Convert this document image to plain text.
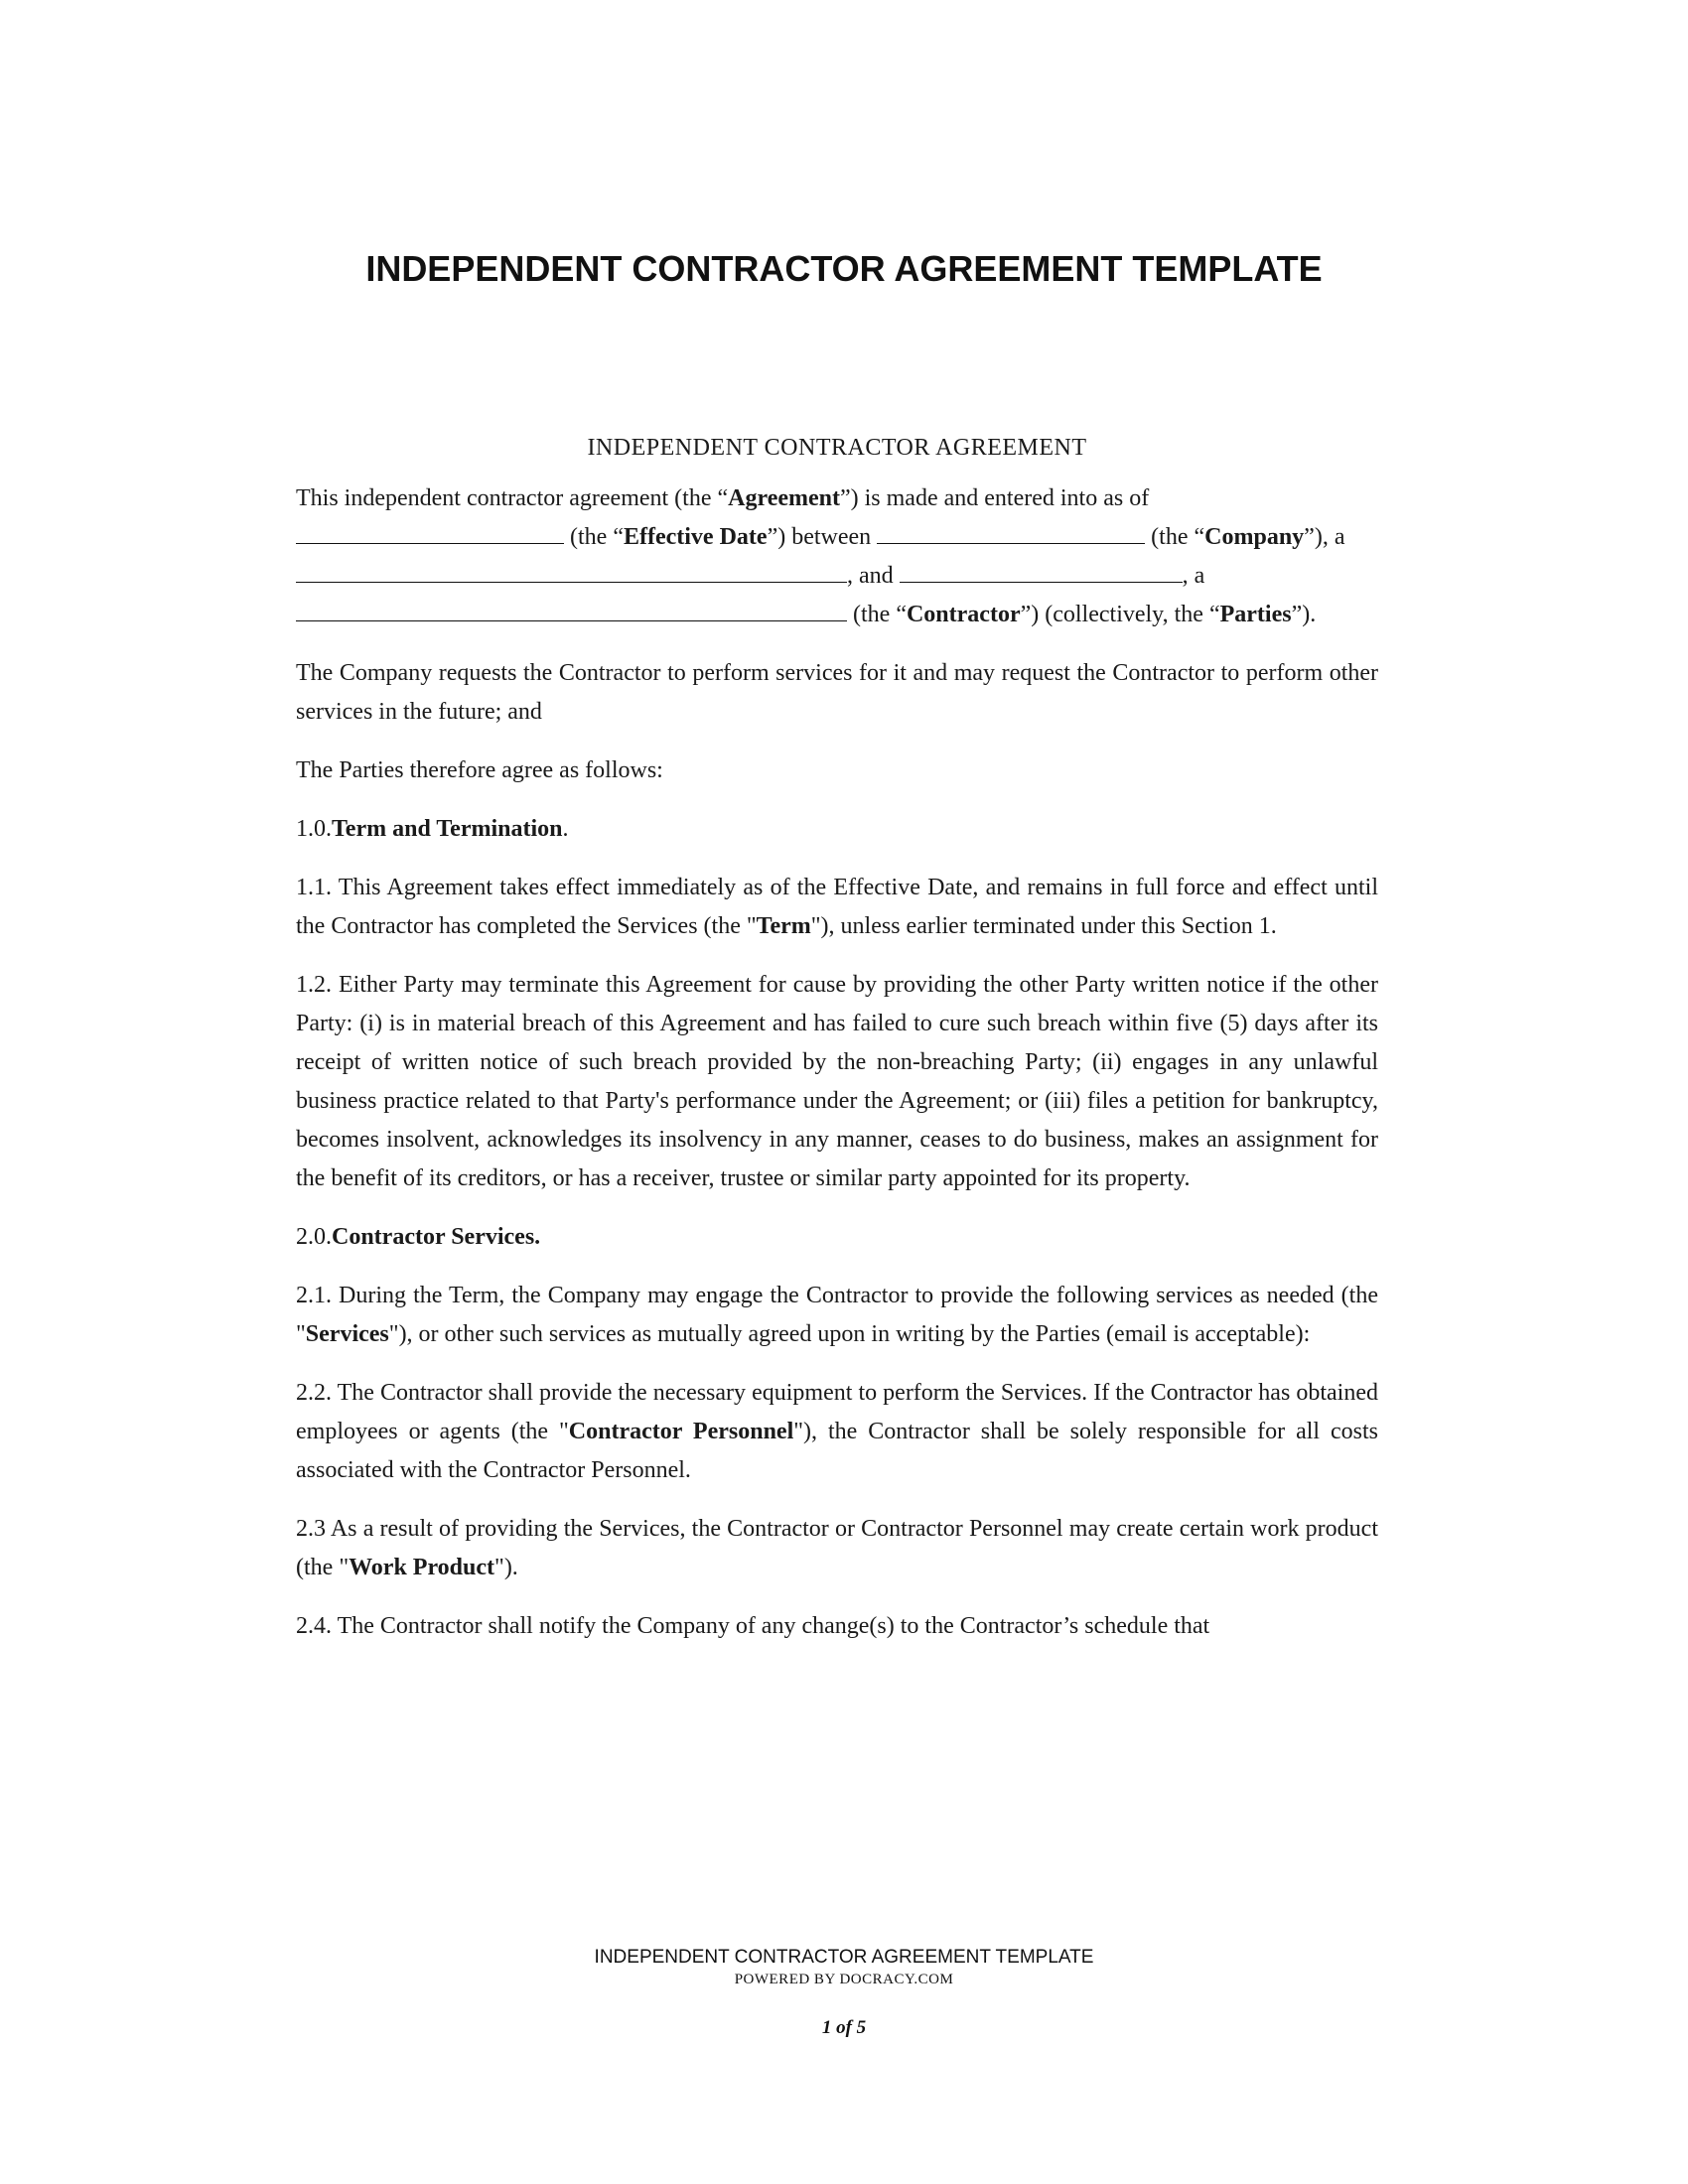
INDEPENDENT CONTRACTOR AGREEMENT TEMPLATE
INDEPENDENT CONTRACTOR AGREEMENT

This independent contractor agreement (the “Agreement”) is made and entered into as of  (the “Effective Date”) between	(the “Company”), a , and	, a  (the “Contractor”) (collectively, the “Parties”).

The Company requests the Contractor to perform services for it and may request the Contractor to perform other services in the future; and

The Parties therefore agree as follows:

1.0.Term and Termination.

1.1. This Agreement takes effect immediately as of the Effective Date, and remains in full force and effect until the Contractor has completed the Services (the "Term"), unless earlier terminated under this Section 1.

1.2. Either Party may terminate this Agreement for cause by providing the other Party written notice if the other Party: (i) is in material breach of this Agreement and has failed to cure such breach within five (5) days after its receipt of written notice of such breach provided by the non-breaching Party; (ii) engages in any unlawful business practice related to that Party's performance under the Agreement; or (iii) files a petition for bankruptcy, becomes insolvent, acknowledges its insolvency in any manner, ceases to do business, makes an assignment for the benefit of its creditors, or has a receiver, trustee or similar party appointed for its property.

2.0.Contractor Services.

2.1. During the Term, the Company may engage the Contractor to provide the following services as needed (the "Services"), or other such services as mutually agreed upon in writing by the Parties (email is acceptable):

2.2. The Contractor shall provide the necessary equipment to perform the Services. If the Contractor has obtained employees or agents (the "Contractor Personnel"), the Contractor shall be solely responsible for all costs associated with the Contractor Personnel.

2.3 As a result of providing the Services, the Contractor or Contractor Personnel may create certain work product (the "Work Product").

2.4. The Contractor shall notify the Company of any change(s) to the Contractor’s schedule that

INDEPENDENT CONTRACTOR AGREEMENT TEMPLATE
POWERED BY DOCRACY.COM
1 of 5
